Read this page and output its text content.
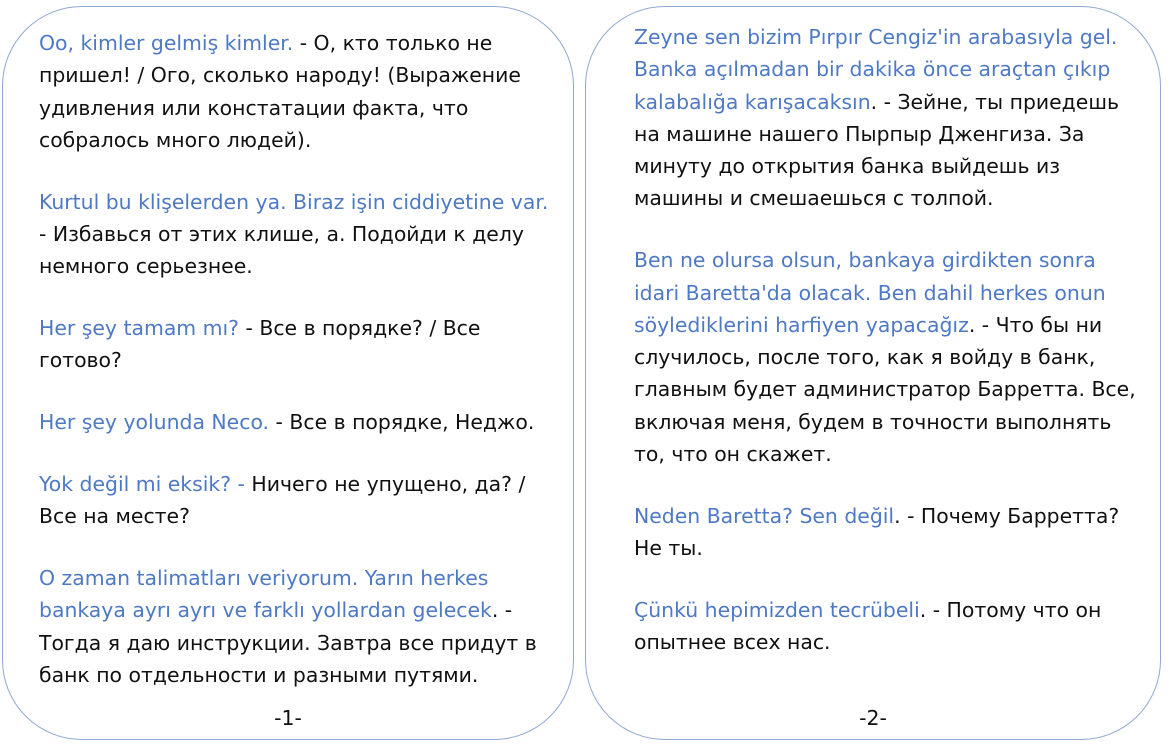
Oo, kimler gelmiş kimler. - О, кто только не пришел! / Ого, сколько народу! (Выражение удивления или констатации факта, что собралось много людей).

Kurtul bu klişelerden ya. Biraz işin ciddiyetine var. - Избавься от этих клише, а. Подойди к делу немного серьезнее.

Her şey tamam mı? - Все в порядке? / Все готово?

Her şey yolunda Neco. - Все в порядке, Неджо.

Yok değil mi eksik? - Ничего не упущено, да? / Все на месте?

O zaman talimatları veriyorum. Yarın herkes bankaya ayrı ayrı ve farklı yollardan gelecek. - Тогда я даю инструкции. Завтра все придут в банк по отдельности и разными путями.

-1-

Zeyne sen bizim Pırpır Cengiz'in arabasıyla gel. Banka açılmadan bir dakika önce araçtan çıkıp kalabalığa karışacaksın. - Зейне, ты приедешь на машине нашего Пырпыр Дженгиза. За минуту до открытия банка выйдешь из машины и смешаешься с толпой.

Ben ne olursa olsun, bankaya girdikten sonra idari Baretta'da olacak. Ben dahil herkes onun söylediklerini harfiyen yapacağız. - Что бы ни случилось, после того, как я войду в банк, главным будет администратор Барретта. Все, включая меня, будем в точности выполнять то, что он скажет.

Neden Baretta? Sen değil. - Почему Барретта? Не ты.

Çünkü hepimizden tecrübeli. - Потому что он опытнее всех нас.

-2-
